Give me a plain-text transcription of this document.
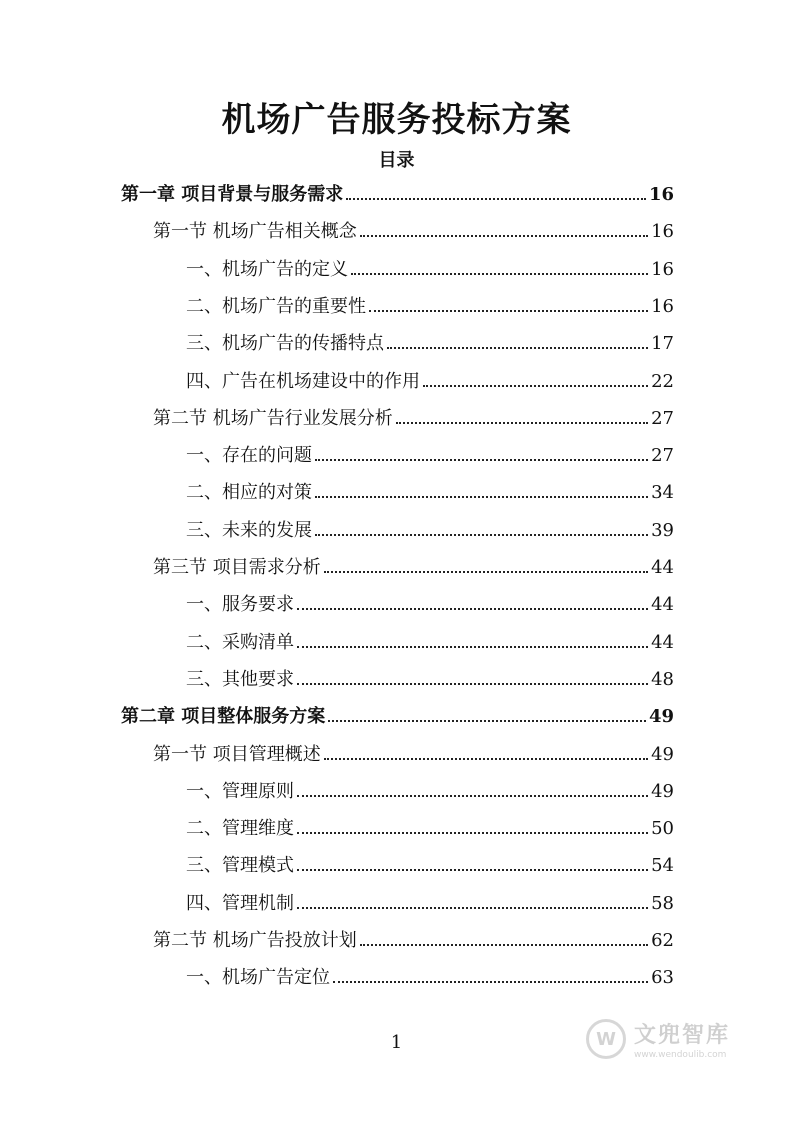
机场广告服务投标方案
目录
第一章 项目背景与服务需求	16
第一节 机场广告相关概念	16
一、机场广告的定义	16
二、机场广告的重要性	16
三、机场广告的传播特点	17
四、广告在机场建设中的作用	22
第二节 机场广告行业发展分析	27
一、存在的问题	27
二、相应的对策	34
三、未来的发展	39
第三节 项目需求分析	44
一、服务要求	44
二、采购清单	44
三、其他要求	48
第二章 项目整体服务方案	49
第一节 项目管理概述	49
一、管理原则	49
二、管理维度	50
三、管理模式	54
四、管理机制	58
第二节 机场广告投放计划	62
一、机场广告定位	63
1	W 文兜智库
www.wendoulib.com
